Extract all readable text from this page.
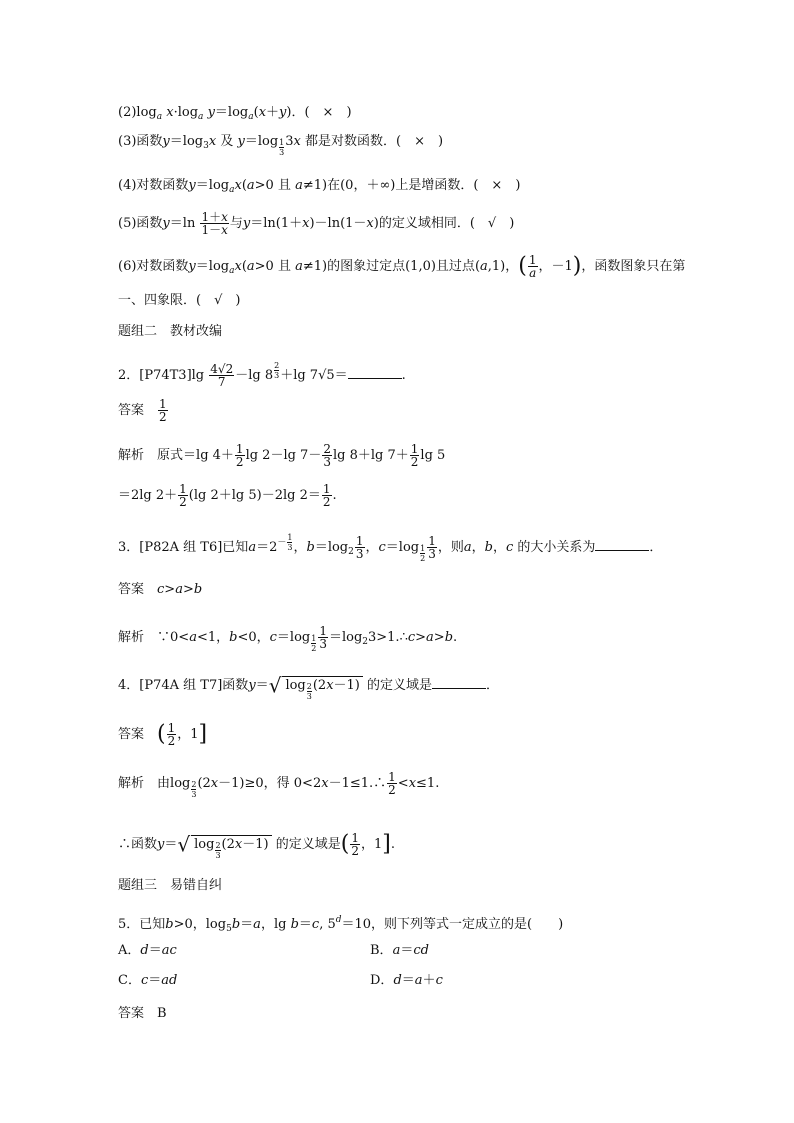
$(2)\log_a$ $x\cdot\log_a$ $y=\log_a(x+y)$．(　×　)
(3)函数$y=\log_3x$ 及 $y=\log \frac{1}{3} 3x$ 都是对数函数．(　×　)
(4)对数函数$y=\log_ax(a>0$ 且 a≠1)在(0，＋∞)上是增函数．(　×　)
(5)函数$y=\ln \frac{1+x}{1-x}$ 与y＝ln(1＋x)－ln(1－x)的定义域相同．(　√　)
(6)对数函数$y=\log_ax(a>0$ 且 a≠1)的图象过定点(1,0)且过点(a,1)，( $\frac{1}{a}$ ，－1)，函数图象只在第
一、四象限．(　√　)
题组二　教材改编
2．$[P74T3]\lg \frac{4√2}{7} -\lg$ 8 $^{\frac{2}{3}}$ ＋lg 7√5＝	.
答案　 $\frac{1}{2}$
解析　 原式＝lg $4+ \frac{1}{2}$ lg 2－lg $7- \frac{2}{3}$ lg 8＋lg $7+ \frac{1}{2}$ lg 5
＝2lg $2+ \frac{1}{2} (\lg$ 2＋lg 5)－2lg $2= \frac{1}{2}$ .
3．[P82A 组 T6]已知$a=2^{- \frac{1}{3}}$ ，$b=\log_2 \frac{1}{3}$ ，$c=\log \frac{1}{2} \frac{1}{3}$ ，则a，b，c 的大小关系为	．
答案　 c>a>b
解析　∵0<a<1，b<0，$c=\log \frac{1}{2} \frac{1}{3}$ $=\log_23>1.\therefore c>a>b$.
4．[P74A 组 T7]函数y＝√ $\log \frac{2}{3} (2x-1)$ 的定义域是	．
答案　 ( $\frac{1}{2}$ ，1]
解析　 由$\log \frac{2}{3} (2x-1)\ge 0$，得 0<2x－1≤1.∴ $\frac{1}{2} <x\le 1$.
∴函数y＝√ $\log \frac{2}{3} (2x-1)$ 的定义域是( $\frac{1}{2}$ ，1].
题组三　易错自纠
5．已知b>0，$\log_5b=a$，lg b＝c, $5^d=10$，则下列等式一定成立的是(　　)
A．d＝ac	B．a＝cd
C．c＝ad	D．d＝a＋c
答案　 B
